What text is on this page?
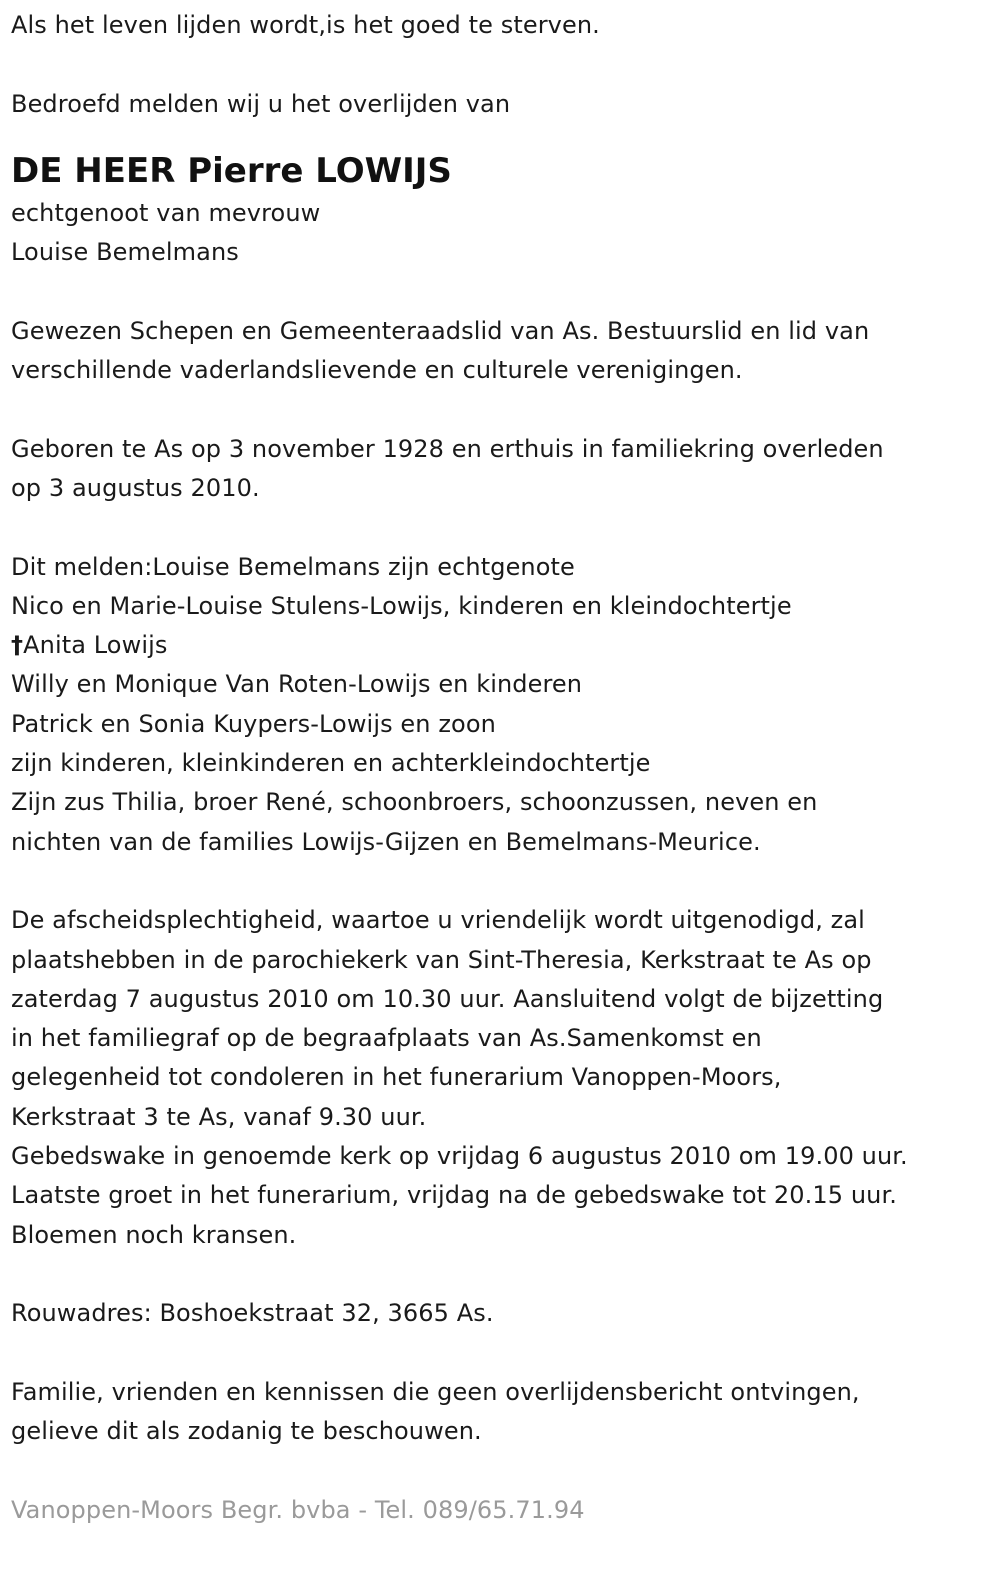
Als het leven lijden wordt,is het goed te sterven.
Bedroefd melden wij u het overlijden van
DE HEER Pierre LOWIJS
echtgenoot van mevrouw
Louise Bemelmans
Gewezen Schepen en Gemeenteraadslid van As. Bestuurslid en lid van
verschillende vaderlandslievende en culturele verenigingen.
Geboren te As op 3 november 1928 en erthuis in familiekring overleden
op 3 augustus 2010.
Dit melden:Louise Bemelmans zijn echtgenote
Nico en Marie-Louise Stulens-Lowijs, kinderen en kleindochtertje
†Anita Lowijs
Willy en Monique Van Roten-Lowijs en kinderen
Patrick en Sonia Kuypers-Lowijs en zoon
zijn kinderen, kleinkinderen en achterkleindochtertje
Zijn zus Thilia, broer René, schoonbroers, schoonzussen, neven en
nichten van de families Lowijs-Gijzen en Bemelmans-Meurice.
De afscheidsplechtigheid, waartoe u vriendelijk wordt uitgenodigd, zal
plaatshebben in de parochiekerk van Sint-Theresia, Kerkstraat te As op
zaterdag 7 augustus 2010 om 10.30 uur. Aansluitend volgt de bijzetting
in het familiegraf op de begraafplaats van As.Samenkomst en
gelegenheid tot condoleren in het funerarium Vanoppen-Moors,
Kerkstraat 3 te As, vanaf 9.30 uur.
Gebedswake in genoemde kerk op vrijdag 6 augustus 2010 om 19.00 uur.
Laatste groet in het funerarium, vrijdag na de gebedswake tot 20.15 uur.
Bloemen noch kransen.
Rouwadres: Boshoekstraat 32, 3665 As.
Familie, vrienden en kennissen die geen overlijdensbericht ontvingen,
gelieve dit als zodanig te beschouwen.
Vanoppen-Moors Begr. bvba - Tel. 089/65.71.94
